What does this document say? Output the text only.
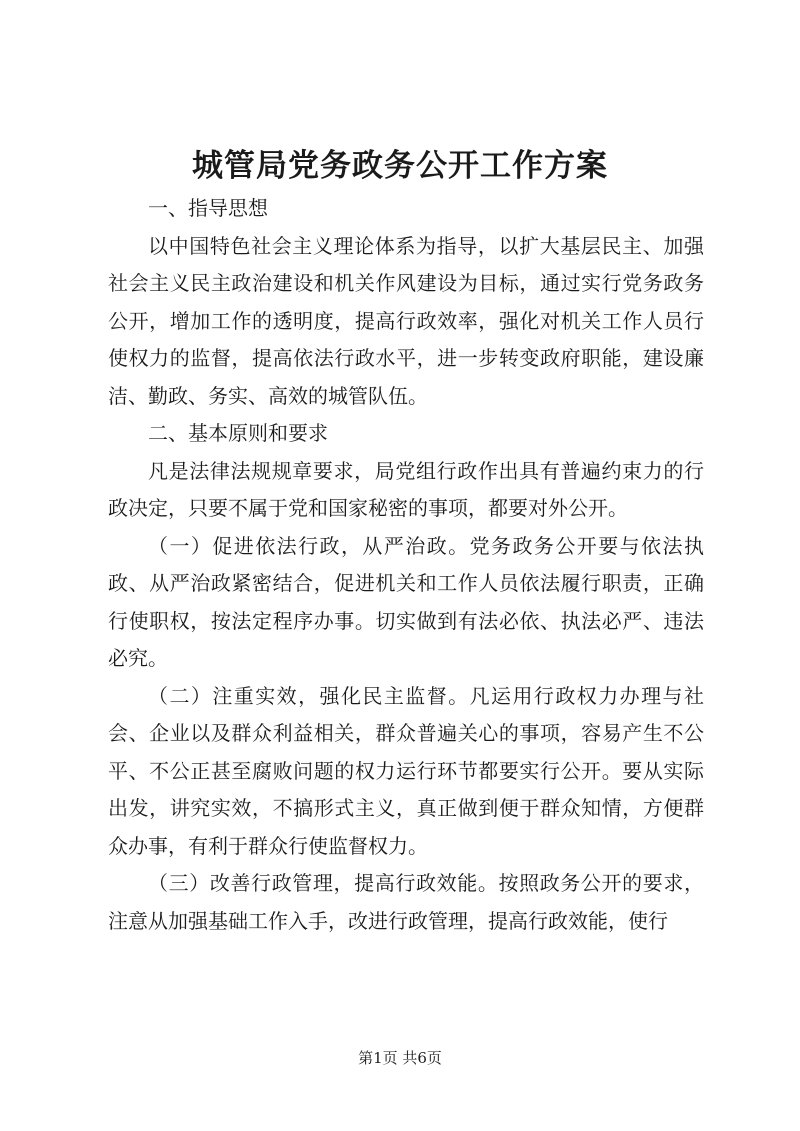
城管局党务政务公开工作方案

一、指导思想

以中国特色社会主义理论体系为指导，以扩大基层民主、加强社会主义民主政治建设和机关作风建设为目标，通过实行党务政务公开，增加工作的透明度，提高行政效率，强化对机关工作人员行使权力的监督，提高依法行政水平，进一步转变政府职能，建设廉洁、勤政、务实、高效的城管队伍。

二、基本原则和要求

凡是法律法规规章要求，局党组行政作出具有普遍约束力的行政决定，只要不属于党和国家秘密的事项，都要对外公开。

（一）促进依法行政，从严治政。党务政务公开要与依法执政、从严治政紧密结合，促进机关和工作人员依法履行职责，正确行使职权，按法定程序办事。切实做到有法必依、执法必严、违法必究。

（二）注重实效，强化民主监督。凡运用行政权力办理与社会、企业以及群众利益相关，群众普遍关心的事项，容易产生不公平、不公正甚至腐败问题的权力运行环节都要实行公开。要从实际出发，讲究实效，不搞形式主义，真正做到便于群众知情，方便群众办事，有利于群众行使监督权力。

（三）改善行政管理，提高行政效能。按照政务公开的要求，注意从加强基础工作入手，改进行政管理，提高行政效能，使行

第1页 共6页
